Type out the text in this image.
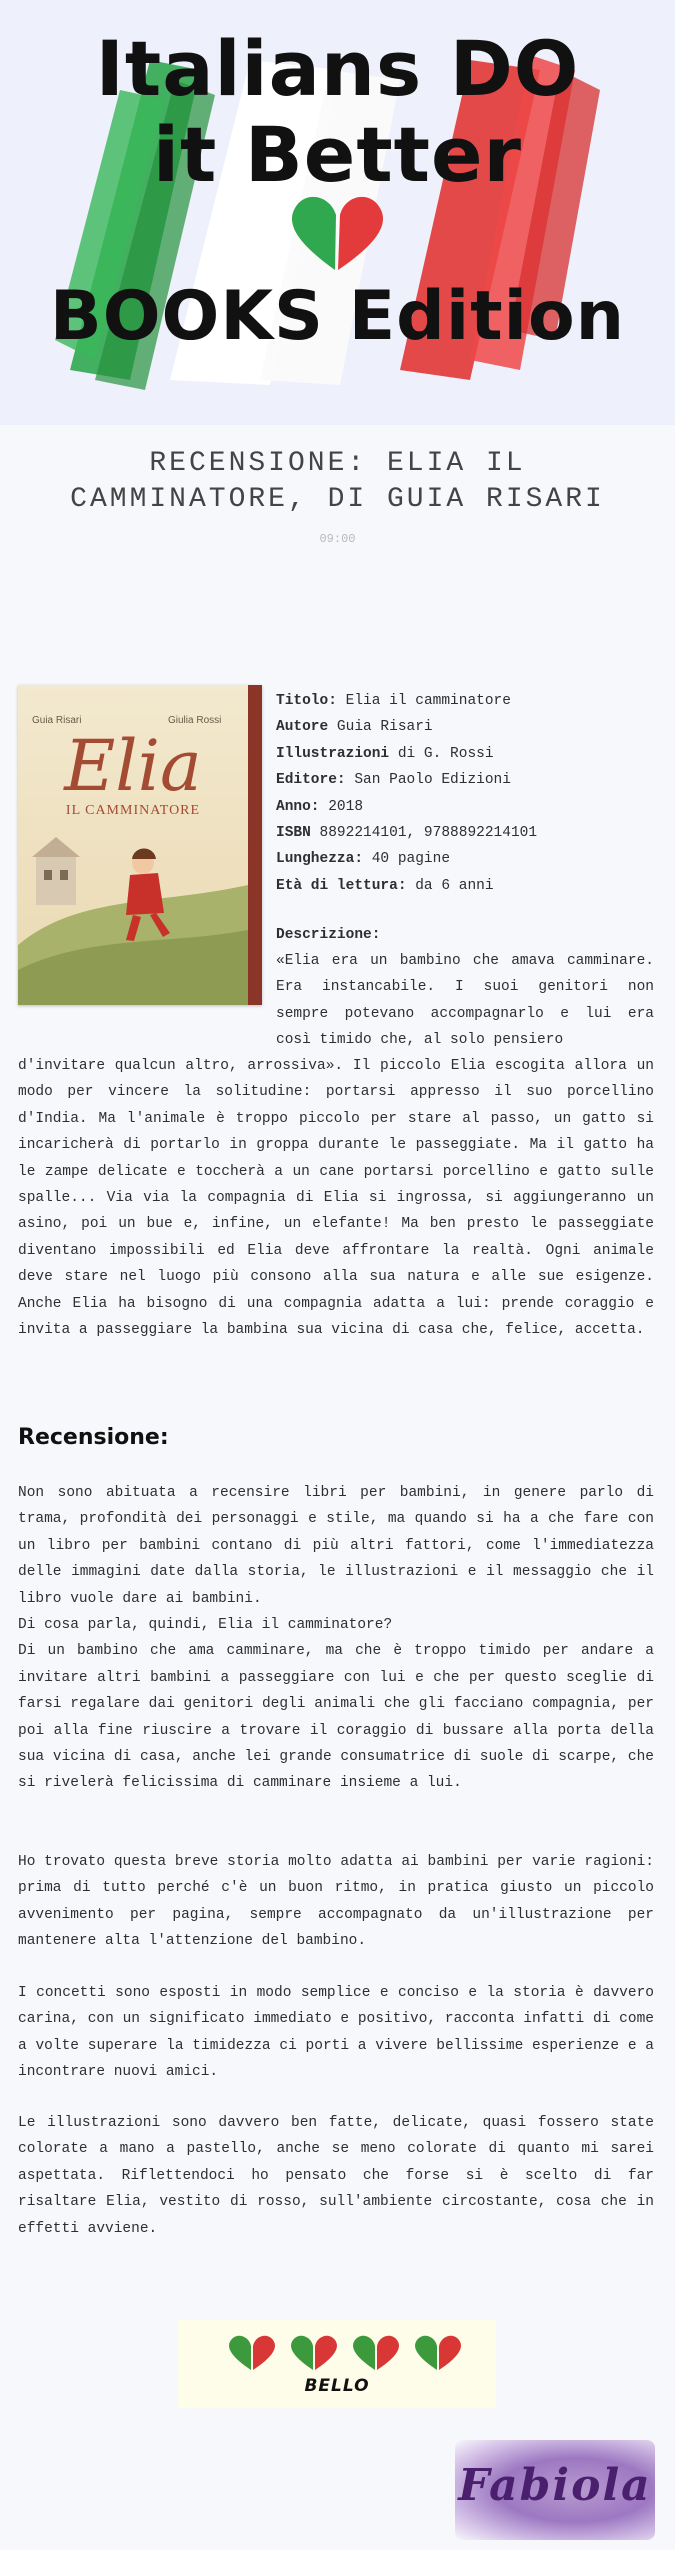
Italians DO
it Better
BOOKS Edition
RECENSIONE: ELIA IL CAMMINATORE, DI GUIA RISARI
09:00
Guia Risari	Giulia Rossi
Elia
IL CAMMINATORE
Titolo: Elia il camminatore
Autore Guia Risari
Illustrazioni di G. Rossi
Editore: San Paolo Edizioni
Anno: 2018
ISBN 8892214101, 9788892214101
Lunghezza: 40 pagine
Età di lettura: da 6 anni
Descrizione:

«Elia era un bambino che amava camminare. Era instancabile. I suoi genitori non sempre potevano accompagnarlo e lui era così timido che, al solo pensiero

d'invitare qualcun altro, arrossiva». Il piccolo Elia escogita allora un modo per vincere la solitudine: portarsi appresso il suo porcellino d'India. Ma l'animale è troppo piccolo per stare al passo, un gatto si incaricherà di portarlo in groppa durante le passeggiate. Ma il gatto ha le zampe delicate e toccherà a un cane portarsi porcellino e gatto sulle spalle... Via via la compagnia di Elia si ingrossa, si aggiungeranno un asino, poi un bue e, infine, un elefante! Ma ben presto le passeggiate diventano impossibili ed Elia deve affrontare la realtà. Ogni animale deve stare nel luogo più consono alla sua natura e alle sue esigenze. Anche Elia ha bisogno di una compagnia adatta a lui: prende coraggio e invita a passeggiare la bambina sua vicina di casa che, felice, accetta.

Recensione:
Non sono abituata a recensire libri per bambini, in genere parlo di trama, profondità dei personaggi e stile, ma quando si ha a che fare con un libro per bambini contano di più altri fattori, come l'immediatezza delle immagini date dalla storia, le illustrazioni e il messaggio che il libro vuole dare ai bambini.
Di cosa parla, quindi, Elia il camminatore?
Di un bambino che ama camminare, ma che è troppo timido per andare a invitare altri bambini a passeggiare con lui e che per questo sceglie di farsi regalare dai genitori degli animali che gli facciano compagnia, per poi alla fine riuscire a trovare il coraggio di bussare alla porta della sua vicina di casa, anche lei grande consumatrice di suole di scarpe, che si rivelerà felicissima di camminare insieme a lui.

Ho trovato questa breve storia molto adatta ai bambini per varie ragioni: prima di tutto perché c'è un buon ritmo, in pratica giusto un piccolo avvenimento per pagina, sempre accompagnato da un'illustrazione per mantenere alta l'attenzione del bambino.

I concetti sono esposti in modo semplice e conciso e la storia è davvero carina, con un significato immediato e positivo, racconta infatti di come a volte superare la timidezza ci porti a vivere bellissime esperienze e a incontrare nuovi amici.

Le illustrazioni sono davvero ben fatte, delicate, quasi fossero state colorate a mano a pastello, anche se meno colorate di quanto mi sarei aspettata. Riflettendoci ho pensato che forse si è scelto di far risaltare Elia, vestito di rosso, sull'ambiente circostante, cosa che in effetti avviene.

BELLO
Fabiola
